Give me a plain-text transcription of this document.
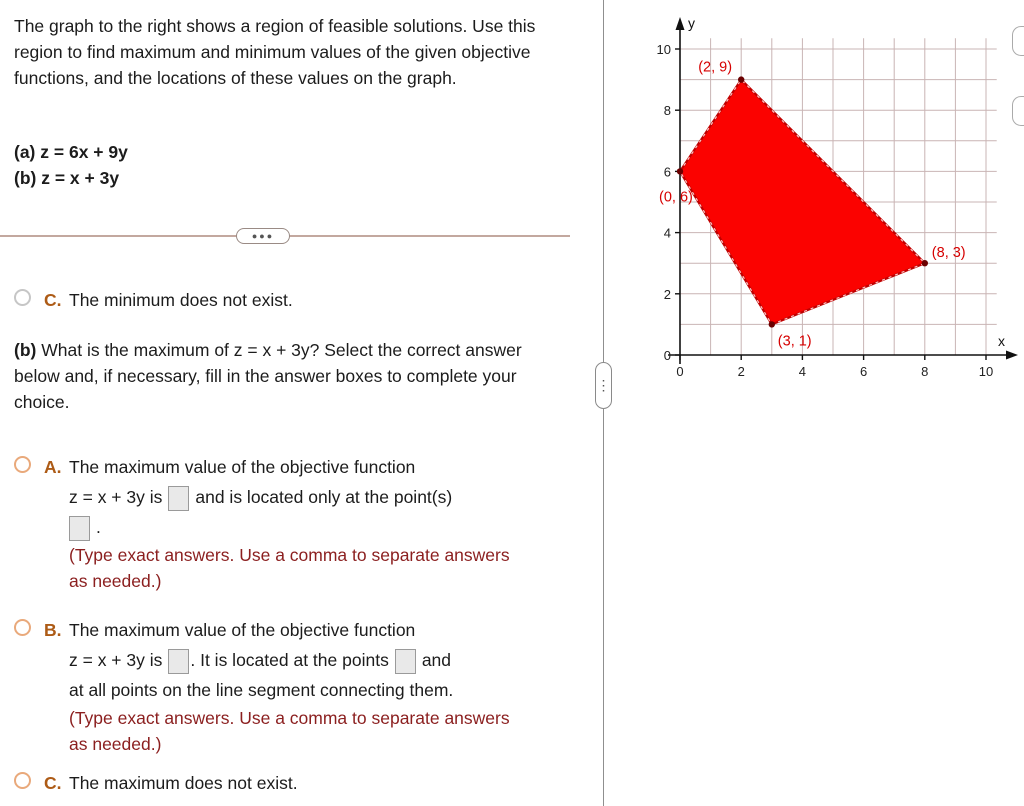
The graph to the right shows a region of feasible solutions. Use this region to find maximum and minimum values of the given objective functions, and the locations of these values on the graph.
(a) z = 6x + 9y
(b) z = x + 3y
●●●
C. The minimum does not exist.
(b) What is the maximum of z = x + 3y? Select the correct answer below and, if necessary, fill in the answer boxes to complete your choice.
A. The maximum value of the objective function
z = x + 3y is and is located only at the point(s)
.
(Type exact answers. Use a comma to separate answers as needed.)
B. The maximum value of the objective function
z = x + 3y is . It is located at the points and
at all points on the line segment connecting them.
(Type exact answers. Use a comma to separate answers as needed.)
C. The maximum does not exist.
⋮
0	2	4	6	8	10
0
2
4
6
8
10
y
x
(2, 9)
(0, 6)
(8, 3)
(3, 1)
